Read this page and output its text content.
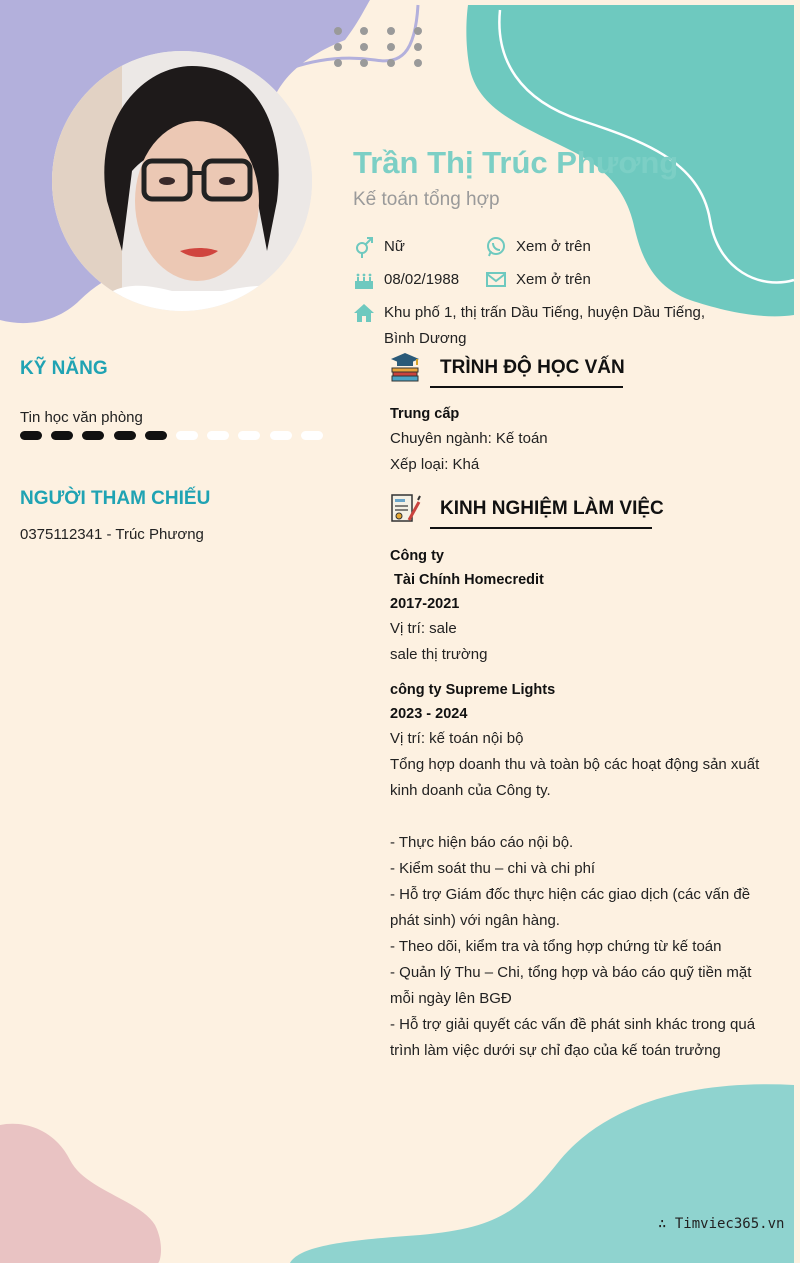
Trần Thị Trúc Phương
Kế toán tổng hợp
Nữ	Xem ở trên
08/02/1988	Xem ở trên
Khu phố 1, thị trấn Dầu Tiếng, huyện Dầu Tiếng,
Bình Dương
KỸ NĂNG
Tin học văn phòng
NGƯỜI THAM CHIẾU
0375112341 - Trúc Phương
TRÌNH ĐỘ HỌC VẤN
Trung cấp
Chuyên ngành: Kế toán
Xếp loại: Khá
KINH NGHIỆM LÀM VIỆC
Công ty
Tài Chính Homecredit
2017-2021
Vị trí: sale
sale thị trường
công ty Supreme Lights
2023 - 2024
Vị trí: kế toán nội bộ
Tổng hợp doanh thu và toàn bộ các hoạt động sản xuất
kinh doanh của Công ty.
- Thực hiện báo cáo nội bộ.
- Kiểm soát thu – chi và chi phí
- Hỗ trợ Giám đốc thực hiện các giao dịch (các vấn đề
phát sinh) với ngân hàng.
- Theo dõi, kiểm tra và tổng hợp chứng từ kế toán
- Quản lý Thu – Chi, tổng hợp và báo cáo quỹ tiền mặt
mỗi ngày lên BGĐ
- Hỗ trợ giải quyết các vấn đề phát sinh khác trong quá
trình làm việc dưới sự chỉ đạo của kế toán trưởng
∴ Timviec365.vn
